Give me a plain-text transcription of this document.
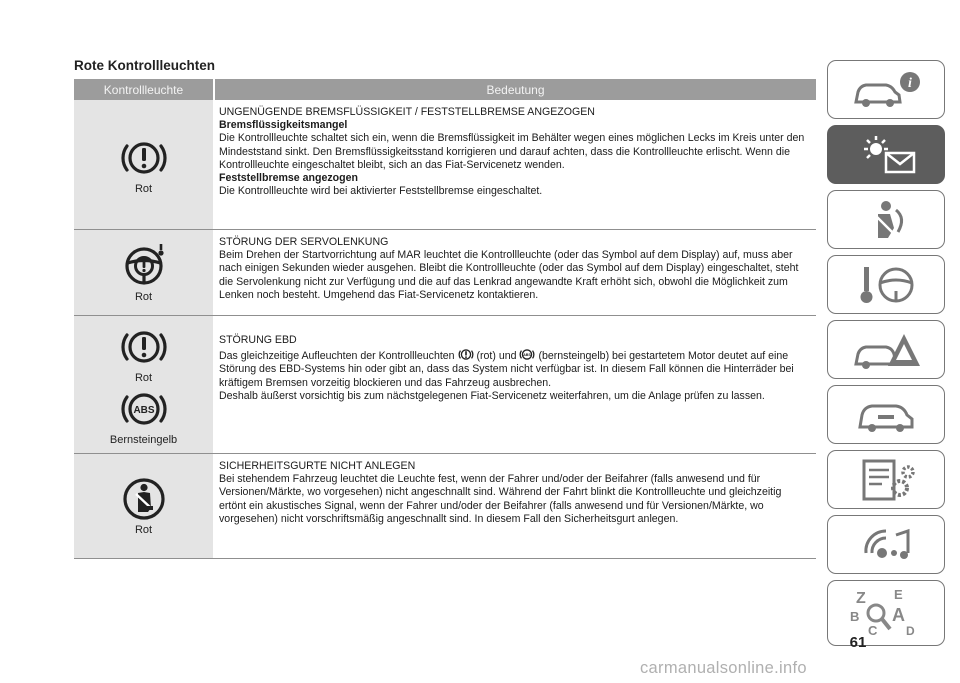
Rote Kontrollleuchten
Kontrollleuchte	Bedeutung
Rot

UNGENÜGENDE BREMSFLÜSSIGKEIT / FESTSTELLBREMSE ANGEZOGEN

Bremsflüssigkeitsmangel

Die Kontrollleuchte schaltet sich ein, wenn die Bremsflüssigkeit im Behälter wegen eines möglichen Lecks im Kreis unter den Mindeststand sinkt. Den Bremsflüssigkeitsstand korrigieren und darauf achten, dass die Kontrollleuchte erlischt. Wenn die Kontrollleuchte eingeschaltet bleibt, sich an das Fiat-Servicenetz wenden.

Feststellbremse angezogen

Die Kontrollleuchte wird bei aktivierter Feststellbremse eingeschaltet.

Rot

STÖRUNG DER SERVOLENKUNG

Beim Drehen der Startvorrichtung auf MAR leuchtet die Kontrollleuchte (oder das Symbol auf dem Display) auf, muss aber nach einigen Sekunden wieder ausgehen. Bleibt die Kontrollleuchte (oder das Symbol auf dem Display) eingeschaltet, steht die Servolenkung nicht zur Verfügung und die auf das Lenkrad angewandte Kraft erhöht sich, obwohl die Möglichkeit zum Lenken noch besteht. Umgehend das Fiat-Servicenetz kontaktieren.

Rot
ABS
Bernsteingelb

STÖRUNG EBD

Das gleichzeitige Aufleuchten der Kontrollleuchten (rot) und ABS (bernsteingelb) bei gestartetem Motor deutet auf eine Störung des EBD-Systems hin oder gibt an, dass das System nicht verfügbar ist. In diesem Fall können die Hinterräder bei kräftigem Bremsen vorzeitig blockieren und das Fahrzeug ausbrechen.

Deshalb äußerst vorsichtig bis zum nächstgelegenen Fiat-Servicenetz weiterfahren, um die Anlage prüfen zu lassen.

Rot

SICHERHEITSGURTE NICHT ANLEGEN

Bei stehendem Fahrzeug leuchtet die Leuchte fest, wenn der Fahrer und/oder der Beifahrer (falls anwesend und für Versionen/Märkte, wo vorgesehen) nicht angeschnallt sind. Während der Fahrt blinkt die Kontrollleuchte und gleichzeitig ertönt ein akustisches Signal, wenn der Fahrer und/oder der Beifahrer (falls anwesend und für Versionen/Märkte, wo vorgesehen) nicht vorschriftsmäßig angeschnallt sind. In diesem Fall den Sicherheitsgurt anlegen.

i
Z E
B A
C D
61
carmanualsonline.info
